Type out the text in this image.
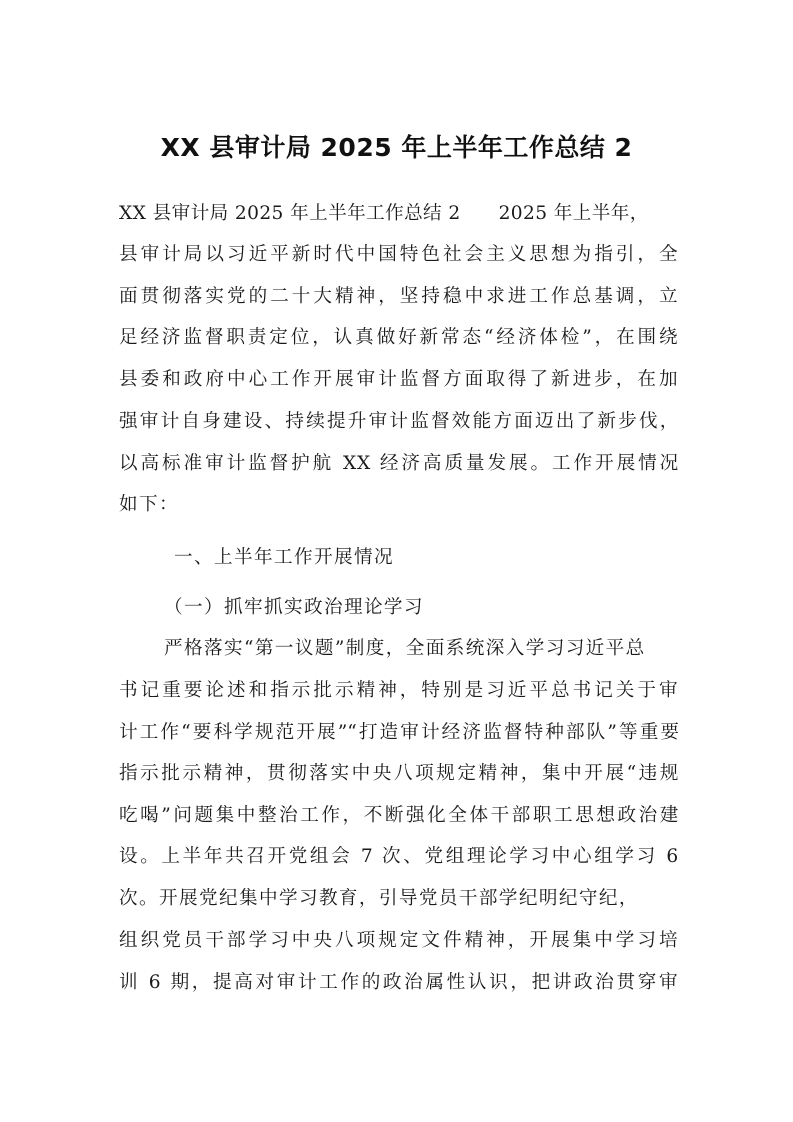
XX 县审计局 2025 年上半年工作总结 2
XX 县审计局 2025 年上半年工作总结 2　　2025 年上半年，
县审计局以习近平新时代中国特色社会主义思想为指引，全
面贯彻落实党的二十大精神，坚持稳中求进工作总基调，立
足经济监督职责定位，认真做好新常态“经济体检”，在围绕
县委和政府中心工作开展审计监督方面取得了新进步，在加
强审计自身建设、持续提升审计监督效能方面迈出了新步伐，
以高标准审计监督护航 XX 经济高质量发展。工作开展情况
如下：
一、上半年工作开展情况
（一）抓牢抓实政治理论学习
严格落实“第一议题”制度，全面系统深入学习习近平总
书记重要论述和指示批示精神，特别是习近平总书记关于审
计工作“要科学规范开展”“打造审计经济监督特种部队”等重要
指示批示精神，贯彻落实中央八项规定精神，集中开展“违规
吃喝”问题集中整治工作，不断强化全体干部职工思想政治建
设。上半年共召开党组会 7 次、党组理论学习中心组学习 6
次。开展党纪集中学习教育，引导党员干部学纪明纪守纪，
组织党员干部学习中央八项规定文件精神，开展集中学习培
训 6 期，提高对审计工作的政治属性认识，把讲政治贯穿审
